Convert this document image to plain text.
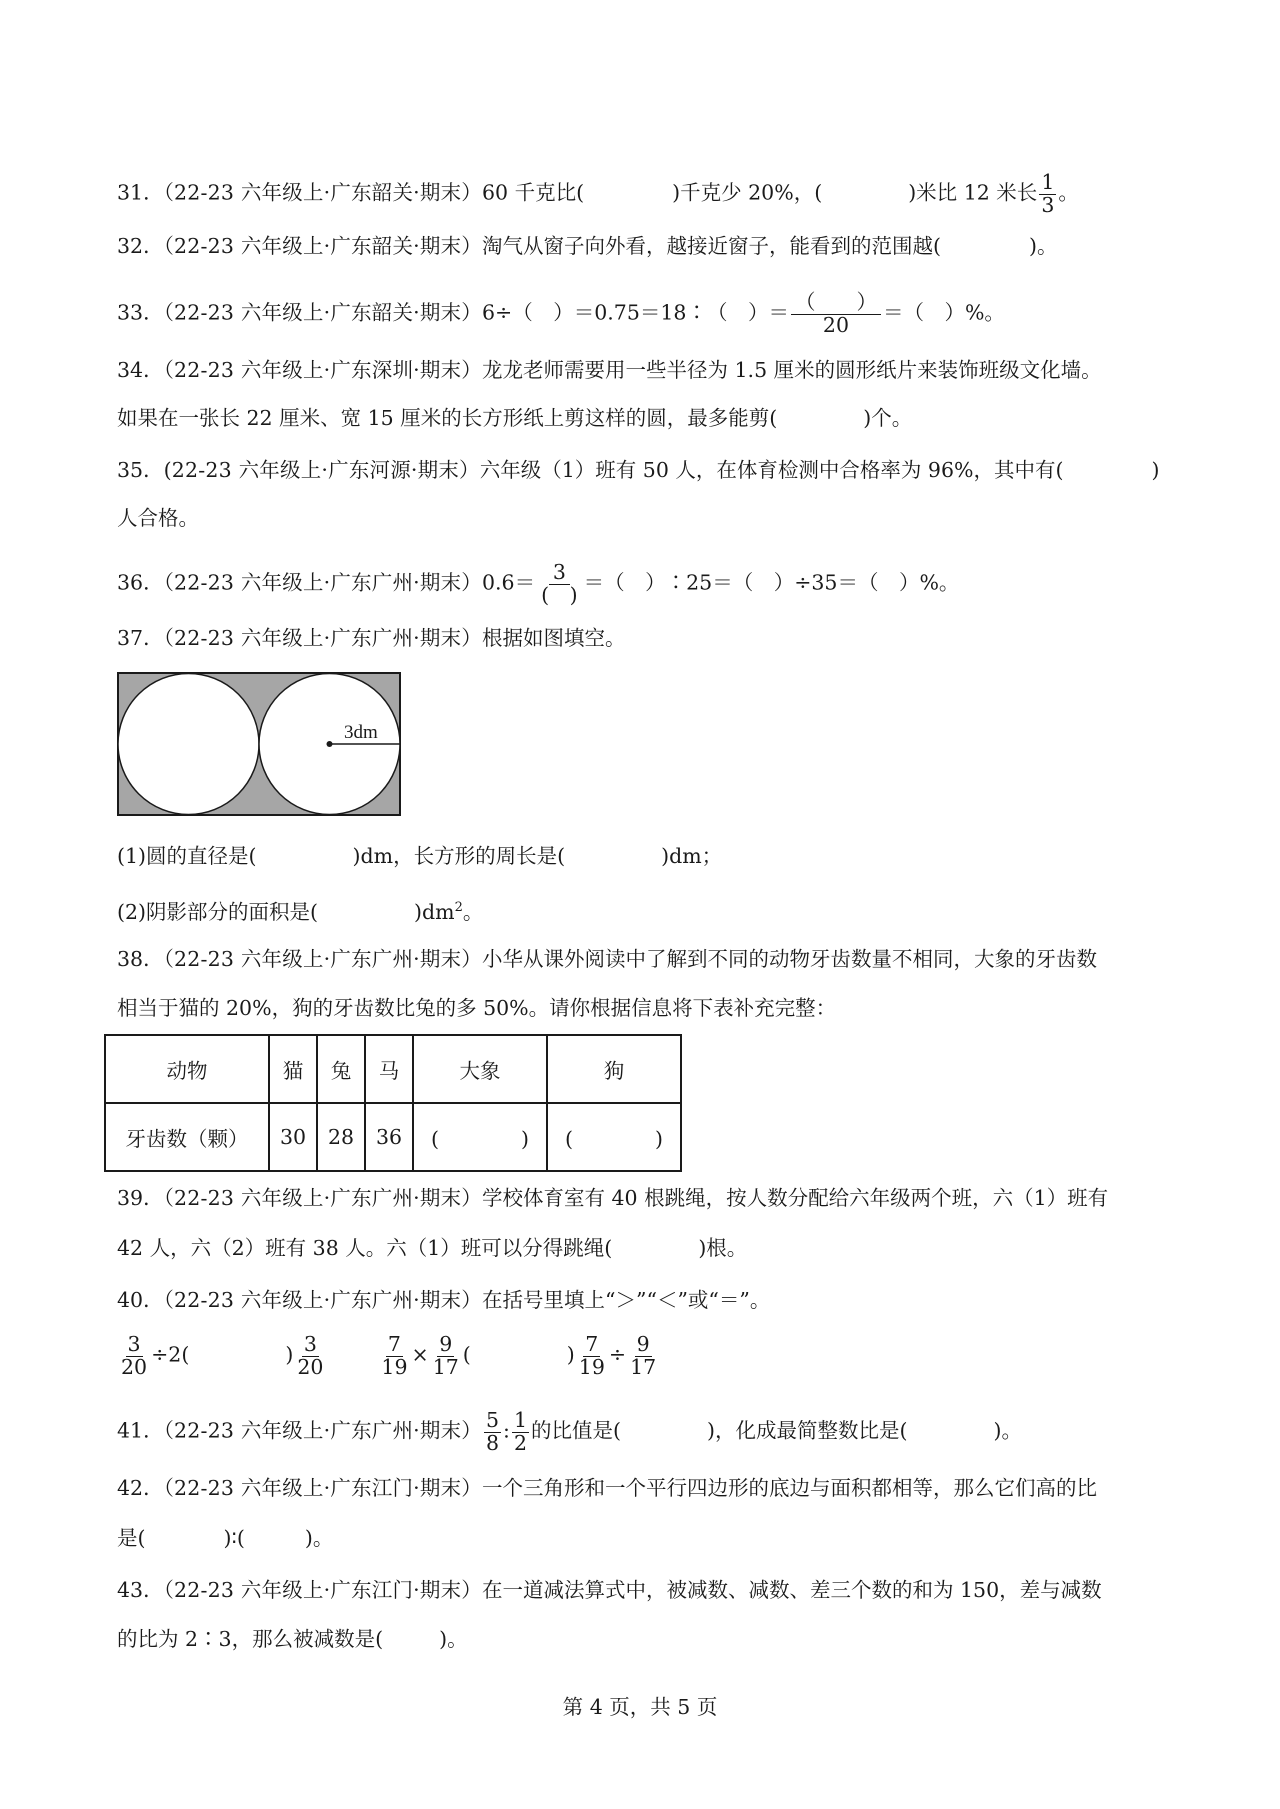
31．（22-23 六年级上·广东韶关·期末）60 千克比(	)千克少 20%，(	)米比 12 米长 $\frac{1}{3}$ 。
32．（22-23 六年级上·广东韶关·期末）淘气从窗子向外看，越接近窗子，能看到的范围越(	)。
33．（22-23 六年级上·广东韶关·期末）6÷（　）＝0.75＝18∶（　）＝ $\frac{( )}{20}$ ＝（　）%。
34．（22-23 六年级上·广东深圳·期末）龙龙老师需要用一些半径为 1.5 厘米的圆形纸片来装饰班级文化墙。
如果在一张长 22 厘米、宽 15 厘米的长方形纸上剪这样的圆，最多能剪(	)个。
35．(22-23 六年级上·广东河源·期末）六年级（1）班有 50 人，在体育检测中合格率为 96%，其中有(	)
人合格。
36．（22-23 六年级上·广东广州·期末）$0.6= \frac{3}{( )}$ ＝（　）∶25＝（　）÷35＝（　）%。
37．（22-23 六年级上·广东广州·期末）根据如图填空。
3dm
(1)圆的直径是(	)dm，长方形的周长是(	)dm；
(2)阴影部分的面积是(	)$dm^2$。
38．（22-23 六年级上·广东广州·期末）小华从课外阅读中了解到不同的动物牙齿数量不相同，大象的牙齿数
相当于猫的 20%，狗的牙齿数比兔的多 50%。请你根据信息将下表补充完整：
动物	猫	兔	马	大象	狗
牙齿数（颗）	30	28	36	(　　　　)	(　　　　)
39．（22-23 六年级上·广东广州·期末）学校体育室有 40 根跳绳，按人数分配给六年级两个班，六（1）班有
42 人，六（2）班有 38 人。六（1）班可以分得跳绳(	)根。
40．（22-23 六年级上·广东广州·期末）在括号里填上“＞”“＜”或“＝”。
$\frac{3}{20} \div 2$(	) $\frac{3}{20}$	$\frac{7}{19} \times \frac{9}{17}$ (	) $\frac{7}{19} \div \frac{9}{17}$
41．（22-23 六年级上·广东广州·期末） $\frac{5}{8}$ : $\frac{1}{2}$ 的比值是(	)，化成最简整数比是(	)。
42．（22-23 六年级上·广东江门·期末）一个三角形和一个平行四边形的底边与面积都相等，那么它们高的比
是(	)∶(	)。
43．（22-23 六年级上·广东江门·期末）在一道减法算式中，被减数、减数、差三个数的和为 150，差与减数
的比为 2∶3，那么被减数是(	)。
第 4 页，共 5 页
